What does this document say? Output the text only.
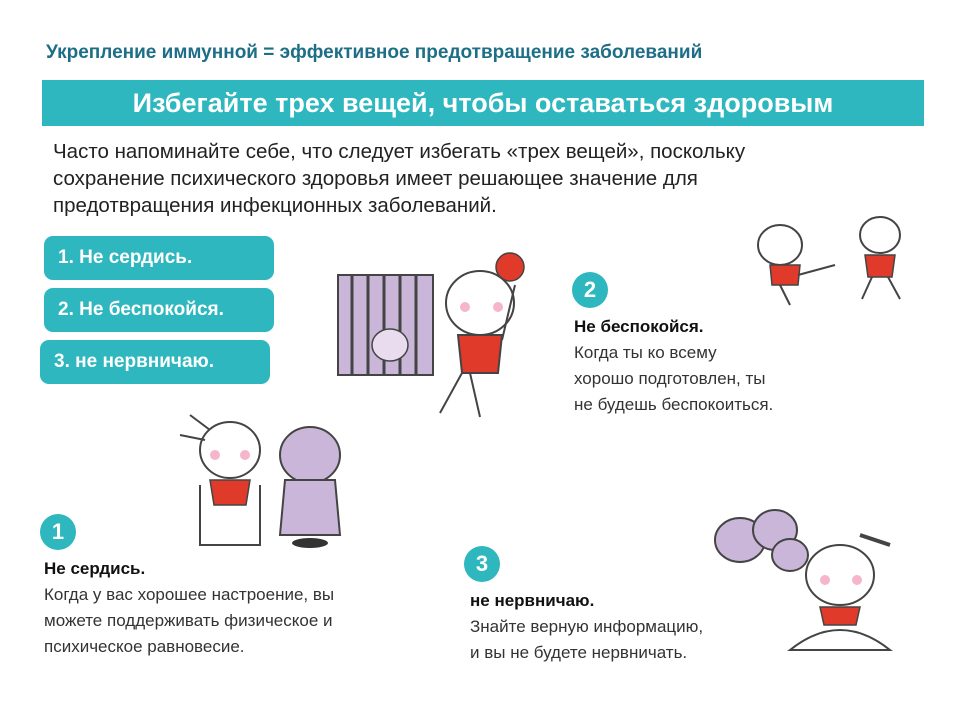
Укрепление иммунной = эффективное предотвращение заболеваний
Избегайте трех вещей, чтобы оставаться здоровым
Часто напоминайте себе, что следует избегать «трех вещей», поскольку
сохранение психического здоровья имеет решающее значение для
предотвращения инфекционных заболеваний.
1. Не сердись.
2. Не беспокойся.
3. не нервничаю.
1
Не сердись.
Когда у вас хорошее настроение, вы
можете поддерживать физическое и
психическое равновесие.
2
Не беспокойся.
Когда ты ко всему
хорошо подготовлен, ты
не будешь беспокоиться.
3
не нервничаю.
Знайте верную информацию,
и вы не будете нервничать.
